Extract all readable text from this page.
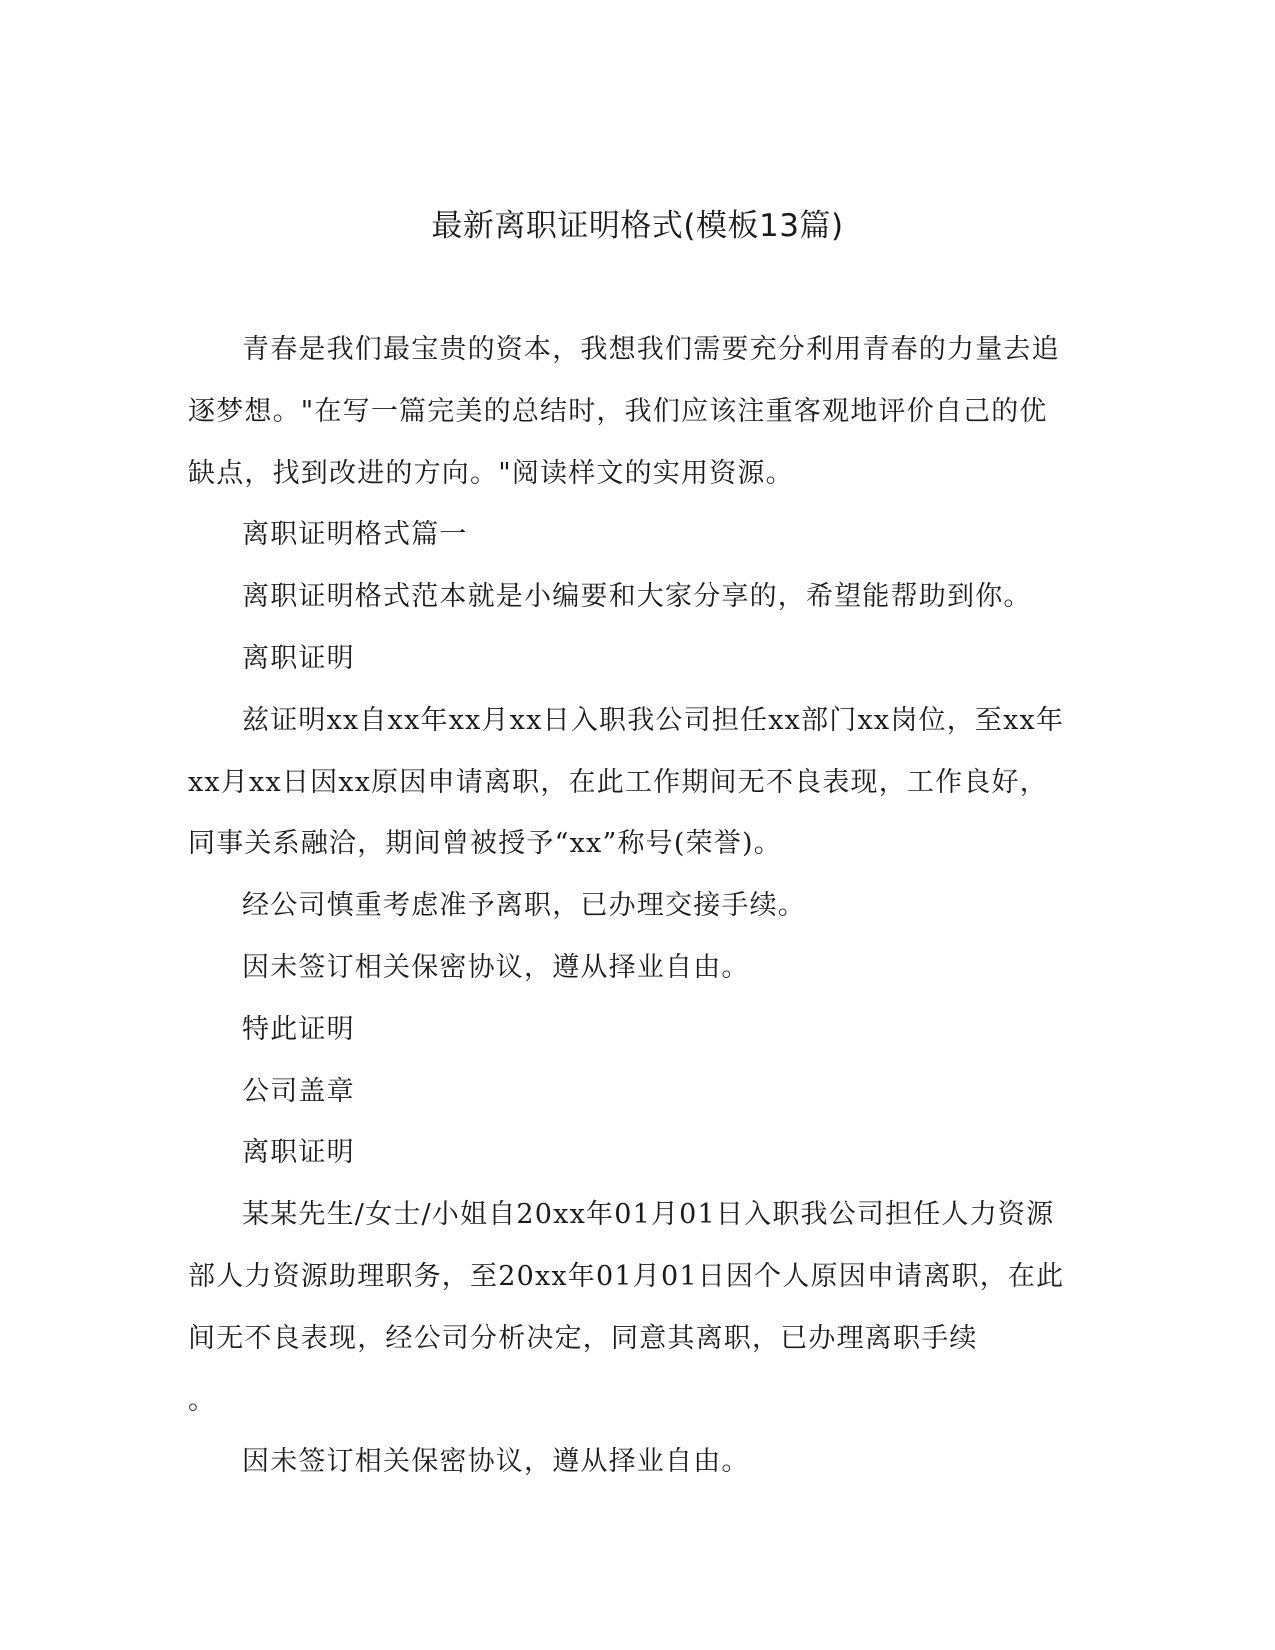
最新离职证明格式(模板13篇)

青春是我们最宝贵的资本，我想我们需要充分利用青春的力量去追逐梦想。"在写一篇完美的总结时，我们应该注重客观地评价自己的优缺点，找到改进的方向。"阅读样文的实用资源。

离职证明格式篇一

离职证明格式范本就是小编要和大家分享的，希望能帮助到你。

离职证明

兹证明xx自xx年xx月xx日入职我公司担任xx部门xx岗位，至xx年xx月xx日因xx原因申请离职，在此工作期间无不良表现，工作良好，同事关系融洽，期间曾被授予“xx”称号(荣誉)。

经公司慎重考虑准予离职，已办理交接手续。

因未签订相关保密协议，遵从择业自由。

特此证明

公司盖章

离职证明

某某先生/女士/小姐自20xx年01月01日入职我公司担任人力资源部人力资源助理职务，至20xx年01月01日因个人原因申请离职，在此间无不良表现，经公司分析决定，同意其离职，已办理离职手续

。

因未签订相关保密协议，遵从择业自由。
